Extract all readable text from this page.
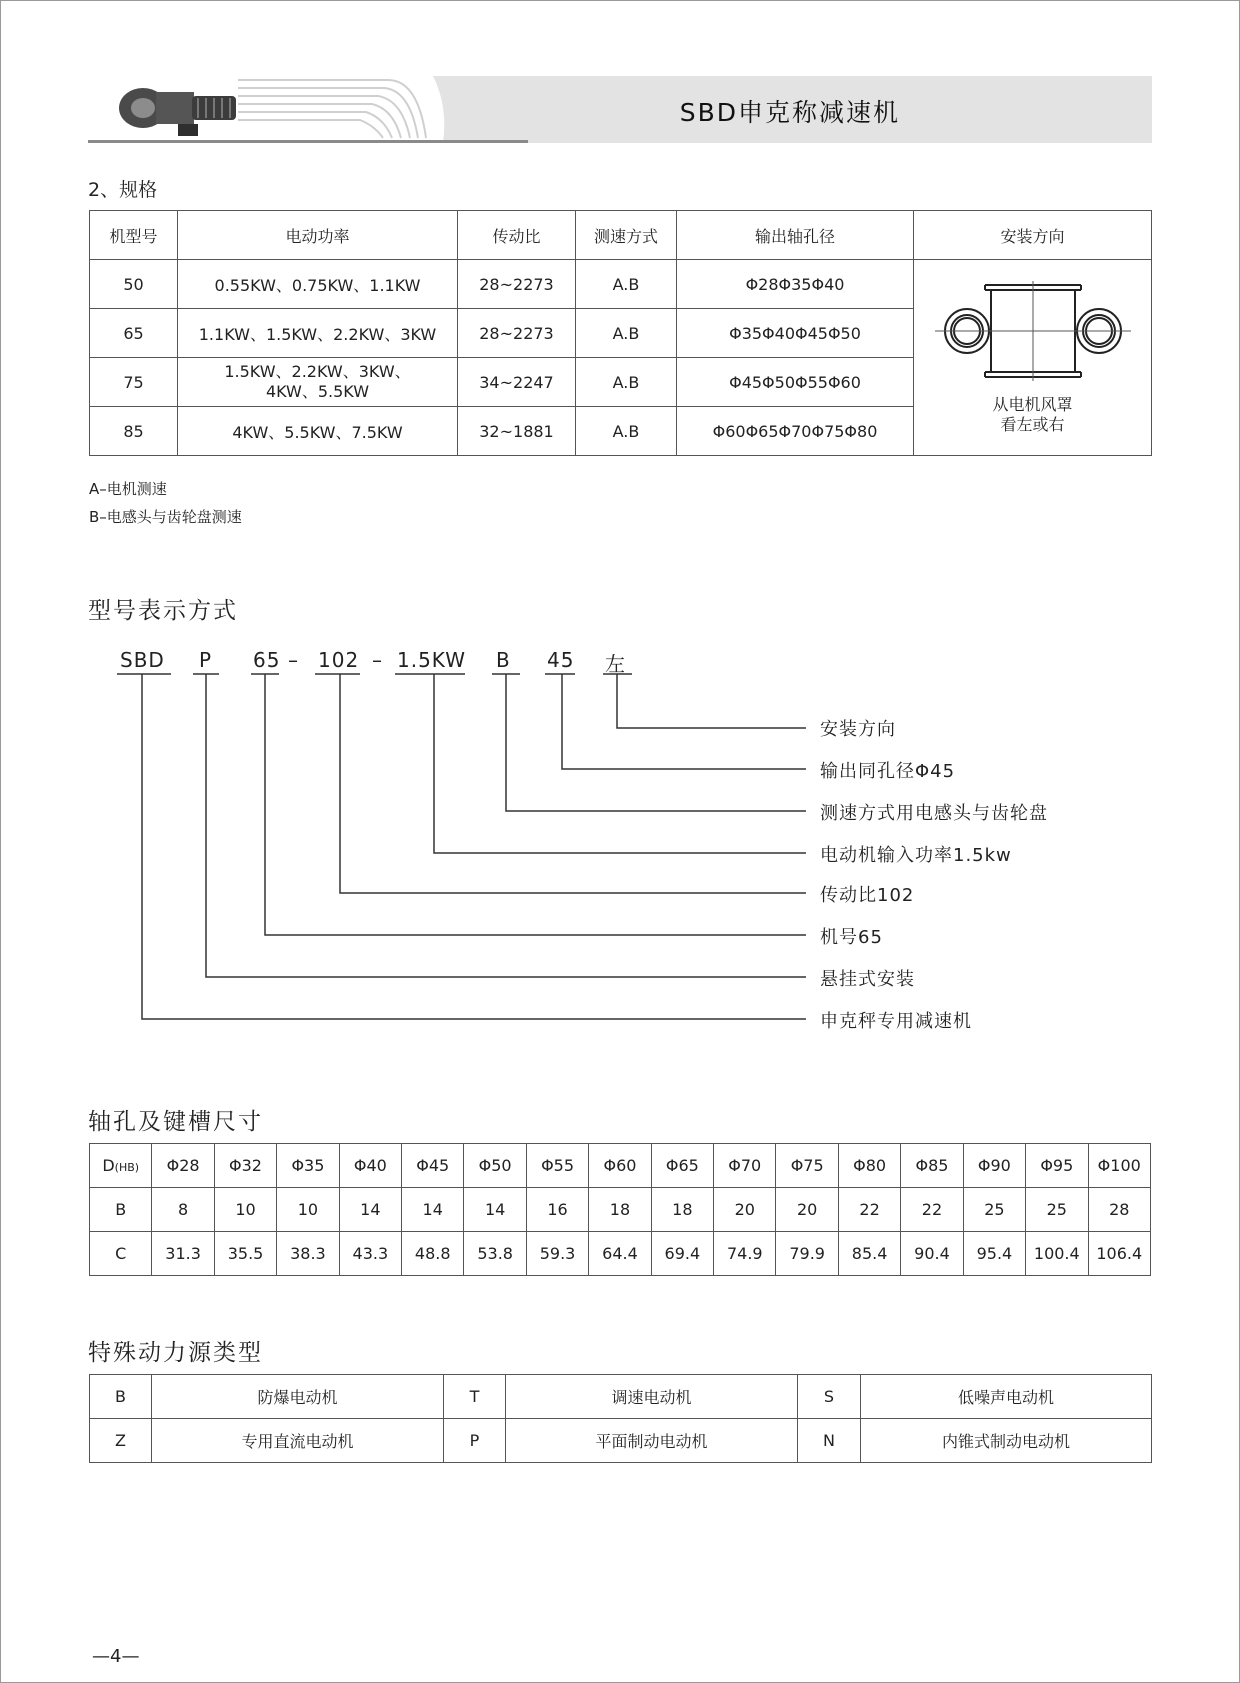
SBD申克称减速机
2、规格
机型号	电动功率	传动比	测速方式	输出轴孔径	安装方向
50	0.55KW、0.75KW、1.1KW	28~2273	A.B	Φ28Φ35Φ40	从电机风罩
看左或右

65	1.1KW、1.5KW、2.2KW、3KW	28~2273	A.B	Φ35Φ40Φ45Φ50	
75	1.5KW、2.2KW、3KW、
4KW、5.5KW	34~2247	A.B	Φ45Φ50Φ55Φ60	
85	4KW、5.5KW、7.5KW	32~1881	A.B	Φ60Φ65Φ70Φ75Φ80	
A–电机测速
B–电感头与齿轮盘测速
型号表示方式
SBD P 65 – 102 – 1.5KW B 45 左
安装方向
输出同孔径Φ45
测速方式用电感头与齿轮盘
电动机输入功率1.5kw
传动比102
机号65
悬挂式安装
申克秤专用减速机
轴孔及键槽尺寸
D(HB)	Φ28	Φ32	Φ35	Φ40	Φ45	Φ50	Φ55	Φ60	Φ65	Φ70	Φ75	Φ80	Φ85	Φ90	Φ95	Φ100
B	8	10	10	14	14	14	16	18	18	20	20	22	22	25	25	28
C	31.3	35.5	38.3	43.3	48.8	53.8	59.3	64.4	69.4	74.9	79.9	85.4	90.4	95.4	100.4	106.4
特殊动力源类型
B	防爆电动机	T	调速电动机	S	低噪声电动机
Z	专用直流电动机	P	平面制动电动机	N	内锥式制动电动机
—4—
